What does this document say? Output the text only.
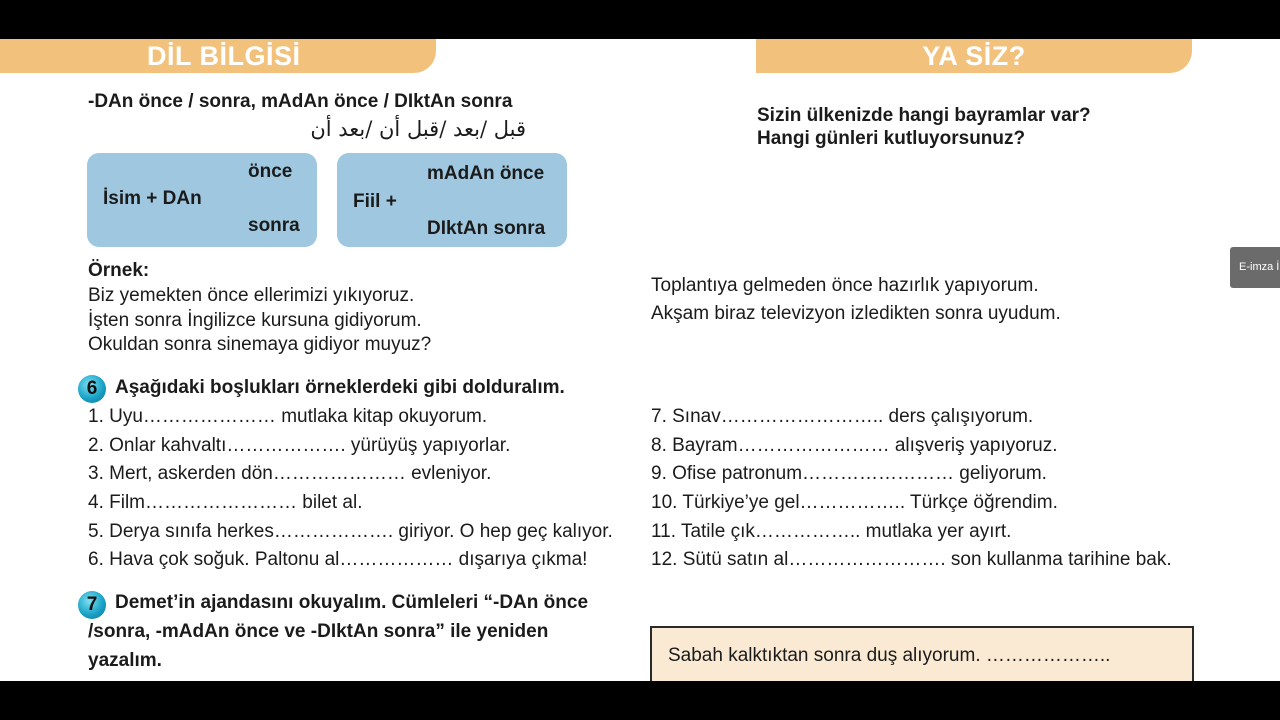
DİL BİLGİSİ	YA SİZ?
-DAn önce / sonra, mAdAn önce / DIktAn sonra
قبل /بعد /قبل أن /بعد أن
önce
İsim + DAn
sonra
mAdAn önce
Fiil +
DIktAn sonra
Sizin ülkenizde hangi bayramlar var?
Hangi günleri kutluyorsunuz?
Örnek:
Biz yemekten önce ellerimizi yıkıyoruz.
İşten sonra İngilizce kursuna gidiyorum.
Okuldan sonra sinemaya gidiyor muyuz?
Toplantıya gelmeden önce hazırlık yapıyorum.
Akşam biraz televizyon izledikten sonra uyudum.
6 Aşağıdaki boşlukları örneklerdeki gibi dolduralım.
1. Uyu………………… mutlaka kitap okuyorum.
2. Onlar kahvaltı………………. yürüyüş yapıyorlar.
3. Mert, askerden dön………………… evleniyor.
4. Film…………………… bilet al.
5. Derya sınıfa herkes………………. giriyor. O hep geç kalıyor.
6. Hava çok soğuk. Paltonu al……………… dışarıya çıkma!
7. Sınav…………………….. ders çalışıyorum.
8. Bayram…………………… alışveriş yapıyoruz.
9. Ofise patronum…………………… geliyorum.
10. Türkiye’ye gel…………….. Türkçe öğrendim.
11. Tatile çık…………….. mutlaka yer ayırt.
12. Sütü satın al……………………. son kullanma tarihine bak.
7 Demet’in ajandasını okuyalım. Cümleleri “-DAn önce
/sonra, -mAdAn önce ve -DIktAn sonra” ile yeniden
yazalım.	Sabah kalktıktan sonra duş alıyorum. ………………..
E-imza İ
